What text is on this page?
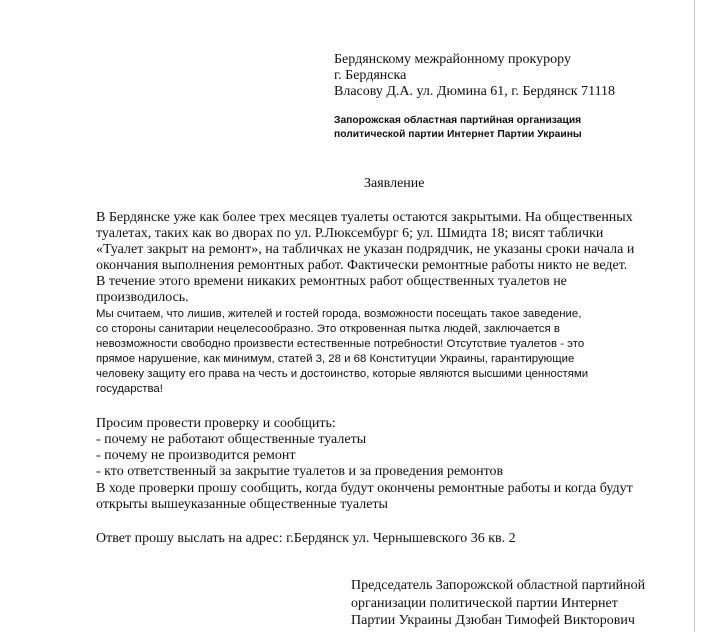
Бердянскому межрайонному прокурору
г. Бердянска
Власову Д.А. ул. Дюмина 61, г. Бердянск 71118
Запорожская областная партийная организация
политической партии Интернет Партии Украины
Заявление
В Бердянске уже как более трех месяцев туалеты остаются закрытыми. На общественных
туалетах, таких как во дворах по ул. Р.Люксембург 6; ул. Шмидта 18; висят таблички
«Туалет закрыт на ремонт», на табличках не указан подрядчик, не указаны сроки начала и
окончания выполнения ремонтных работ. Фактически ремонтные работы никто не ведет.
В течение этого времени никаких ремонтных работ общественных туалетов не
производилось.
Мы считаем, что лишив, жителей и гостей города, возможности посещать такое заведение,
со стороны санитарии нецелесообразно. Это откровенная пытка людей, заключается в
невозможности свободно произвести естественные потребности! Отсутствие туалетов - это
прямое нарушение, как минимум, статей 3, 28 и 68 Конституции Украины, гарантирующие
человеку защиту его права на честь и достоинство, которые являются высшими ценностями
государства!
Просим провести проверку и сообщить:
- почему не работают общественные туалеты
- почему не производится ремонт
- кто ответственный за закрытие туалетов и за проведения ремонтов
В ходе проверки прошу сообщить, когда будут окончены ремонтные работы и когда будут
открыты вышеуказанные общественные туалеты
Ответ прошу выслать на адрес: г.Бердянск ул. Чернышевского 36 кв. 2
Председатель Запорожской областной партийной
организации политической партии Интернет
Партии Украины Дзюбан Тимофей Викторович
